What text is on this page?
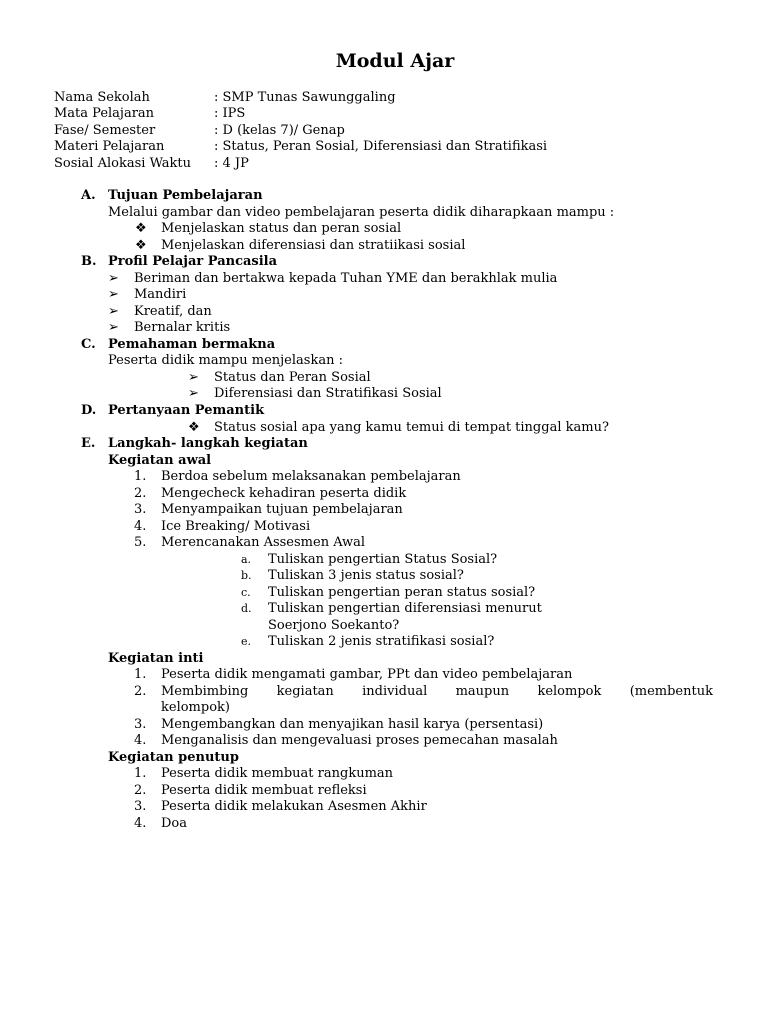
Modul Ajar
Nama Sekolah	: SMP Tunas Sawunggaling
Mata Pelajaran	: IPS
Fase/ Semester	: D (kelas 7)/ Genap
Materi Pelajaran	: Status, Peran Sosial, Diferensiasi dan Stratifikasi
Sosial Alokasi Waktu : 4 JP
A. Tujuan Pembelajaran
Melalui gambar dan video pembelajaran peserta didik diharapkaan mampu :
❖ Menjelaskan status dan peran sosial
❖ Menjelaskan diferensiasi dan stratiikasi sosial
B. Profil Pelajar Pancasila
➢ Beriman dan bertakwa kepada Tuhan YME dan berakhlak mulia
➢ Mandiri
➢ Kreatif, dan
➢ Bernalar kritis
C. Pemahaman bermakna
Peserta didik mampu menjelaskan :
➢ Status dan Peran Sosial
➢ Diferensiasi dan Stratifikasi Sosial
D. Pertanyaan Pemantik
❖ Status sosial apa yang kamu temui di tempat tinggal kamu?
E. Langkah- langkah kegiatan
Kegiatan awal
1. Berdoa sebelum melaksanakan pembelajaran
2. Mengecheck kehadiran peserta didik
3. Menyampaikan tujuan pembelajaran
4. Ice Breaking/ Motivasi
5. Merencanakan Assesmen Awal
a. Tuliskan pengertian Status Sosial?
b. Tuliskan 3 jenis status sosial?
c. Tuliskan pengertian peran status sosial?
d. Tuliskan pengertian diferensiasi menurut
Soerjono Soekanto?
e. Tuliskan 2 jenis stratifikasi sosial?
Kegiatan inti
1. Peserta didik mengamati gambar, PPt dan video pembelajaran
2. Membimbing kegiatan individual maupun kelompok (membentuk
kelompok)
3. Mengembangkan dan menyajikan hasil karya (persentasi)
4. Menganalisis dan mengevaluasi proses pemecahan masalah
Kegiatan penutup
1. Peserta didik membuat rangkuman
2. Peserta didik membuat refleksi
3. Peserta didik melakukan Asesmen Akhir
4. Doa
